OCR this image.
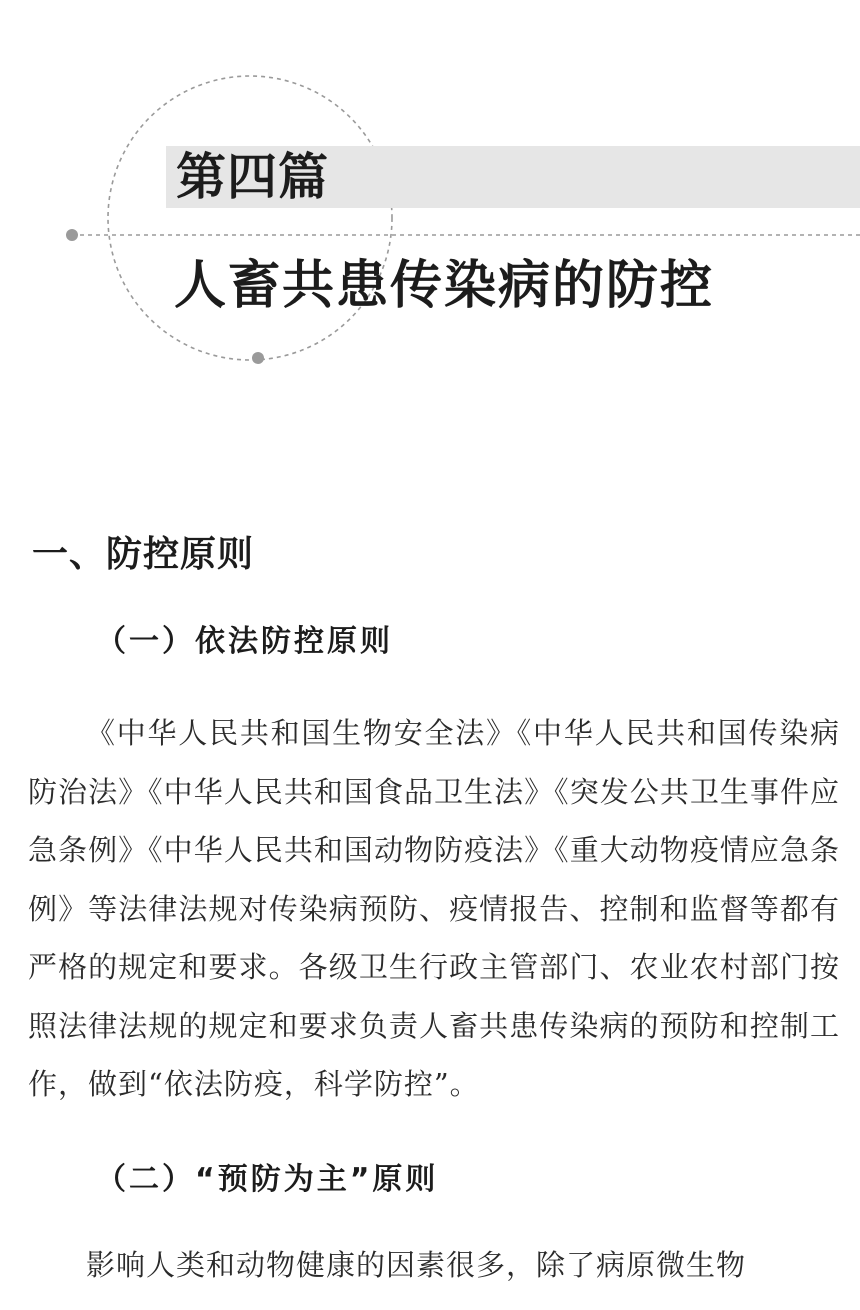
第四篇
人畜共患传染病的防控
一、防控原则
（一）依法防控原则

《中华人民共和国生物安全法》《中华人民共和国传染病防治法》《中华人民共和国食品卫生法》《突发公共卫生事件应急条例》《中华人民共和国动物防疫法》《重大动物疫情应急条例》等法律法规对传染病预防、疫情报告、控制和监督等都有严格的规定和要求。各级卫生行政主管部门、农业农村部门按照法律法规的规定和要求负责人畜共患传染病的预防和控制工作，做到“依法防疫，科学防控”。

（二）“预防为主”原则

影响人类和动物健康的因素很多，除了病原微生物
